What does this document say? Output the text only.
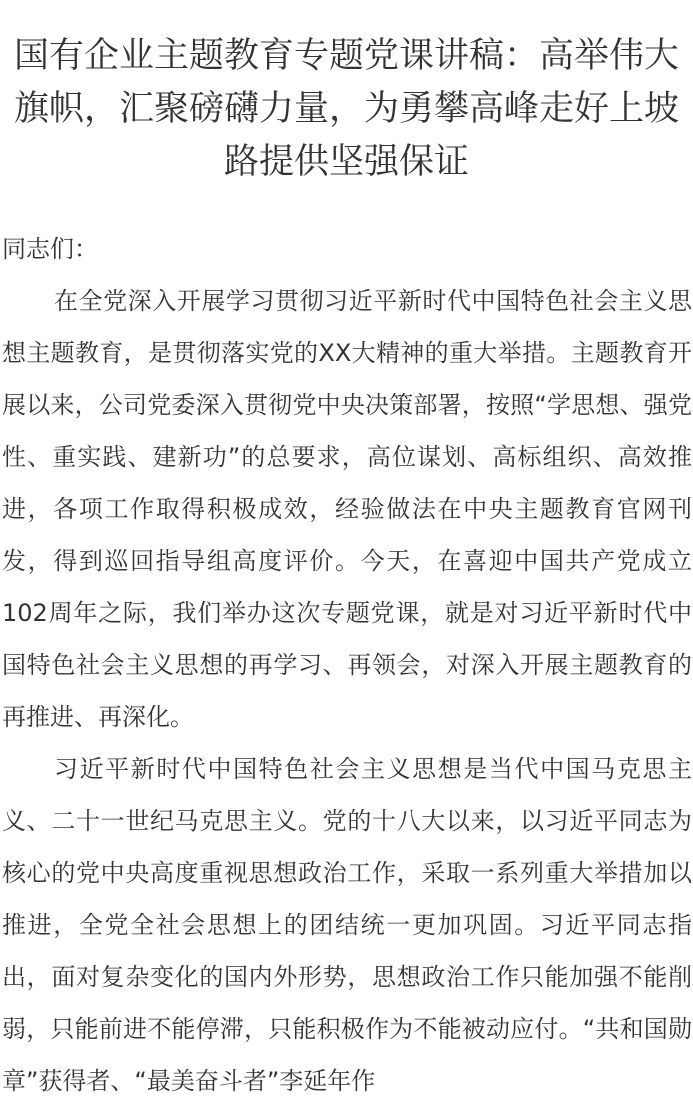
国有企业主题教育专题党课讲稿：高举伟大旗帜，汇聚磅礴力量，为勇攀高峰走好上坡路提供坚强保证

同志们：

在全党深入开展学习贯彻习近平新时代中国特色社会主义思想主题教育，是贯彻落实党的XX大精神的重大举措。主题教育开展以来，公司党委深入贯彻党中央决策部署，按照“学思想、强党性、重实践、建新功”的总要求，高位谋划、高标组织、高效推进，各项工作取得积极成效，经验做法在中央主题教育官网刊发，得到巡回指导组高度评价。今天，在喜迎中国共产党成立102周年之际，我们举办这次专题党课，就是对习近平新时代中国特色社会主义思想的再学习、再领会，对深入开展主题教育的再推进、再深化。

习近平新时代中国特色社会主义思想是当代中国马克思主义、二十一世纪马克思主义。党的十八大以来，以习近平同志为核心的党中央高度重视思想政治工作，采取一系列重大举措加以推进，全党全社会思想上的团结统一更加巩固。习近平同志指出，面对复杂变化的国内外形势，思想政治工作只能加强不能削弱，只能前进不能停滞，只能积极作为不能被动应付。“共和国勋章”获得者、“最美奋斗者”李延年作
